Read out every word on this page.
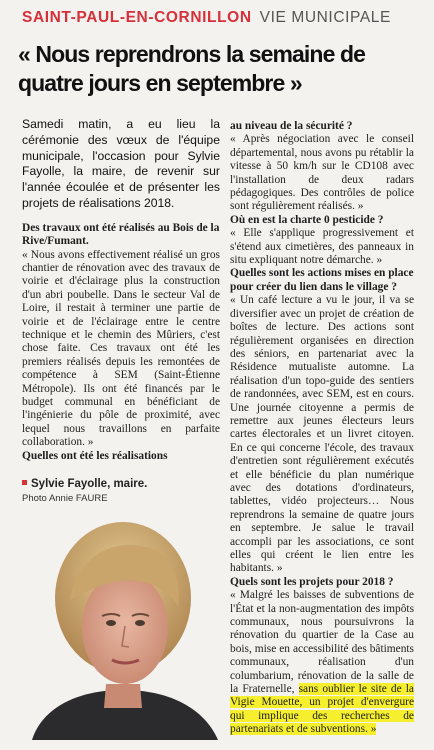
SAINT-PAUL-EN-CORNILLON VIE MUNICIPALE
« Nous reprendrons la semaine de quatre jours en septembre »

Samedi matin, a eu lieu la cérémonie des vœux de l'équipe municipale, l'occasion pour Sylvie Fayolle, la maire, de revenir sur l'année écoulée et de présenter les projets de réalisations 2018.

Des travaux ont été réalisés au Bois de la Rive/Fumant.

« Nous avons effectivement réalisé un gros chantier de rénovation avec des travaux de voirie et d'éclairage plus la construction d'un abri poubelle. Dans le secteur Val de Loire, il restait à terminer une partie de voirie et de l'éclairage entre le centre technique et le chemin des Mûriers, c'est chose faite. Ces travaux ont été les premiers réalisés depuis les remontées de compétence à SEM (Saint-Étienne Métropole). Ils ont été financés par le budget communal en bénéficiant de l'ingénierie du pôle de proximité, avec lequel nous travaillons en parfaite collaboration. »

Quelles ont été les réalisations

Sylvie Fayolle, maire.
Photo Annie FAURE

au niveau de la sécurité ?

« Après négociation avec le conseil départemental, nous avons pu rétablir la vitesse à 50 km/h sur le CD108 avec l'installation de deux radars pédagogiques. Des contrôles de police sont régulièrement réalisés. »

Où en est la charte 0 pesticide ?

« Elle s'applique progressivement et s'étend aux cimetières, des panneaux in situ expliquant notre démarche. »

Quelles sont les actions mises en place pour créer du lien dans le village ?

« Un café lecture a vu le jour, il va se diversifier avec un projet de création de boîtes de lecture. Des actions sont régulièrement organisées en direction des séniors, en partenariat avec la Résidence mutualiste automne. La réalisation d'un topo-guide des sentiers de randonnées, avec SEM, est en cours. Une journée citoyenne a permis de remettre aux jeunes électeurs leurs cartes électorales et un livret citoyen. En ce qui concerne l'école, des travaux d'entretien sont régulièrement exécutés et elle bénéficie du plan numérique avec des dotations d'ordinateurs, tablettes, vidéo projecteurs… Nous reprendrons la semaine de quatre jours en septembre. Je salue le travail accompli par les associations, ce sont elles qui créent le lien entre les habitants. »

Quels sont les projets pour 2018 ?

« Malgré les baisses de subventions de l'État et la non-augmentation des impôts communaux, nous poursuivrons la rénovation du quartier de la Case au bois, mise en accessibilité des bâtiments communaux, réalisation d'un columbarium, rénovation de la salle de la Fraternelle, sans oublier le site de la Vigie Mouette, un projet d'envergure qui implique des recherches de partenariats et de subventions. »
